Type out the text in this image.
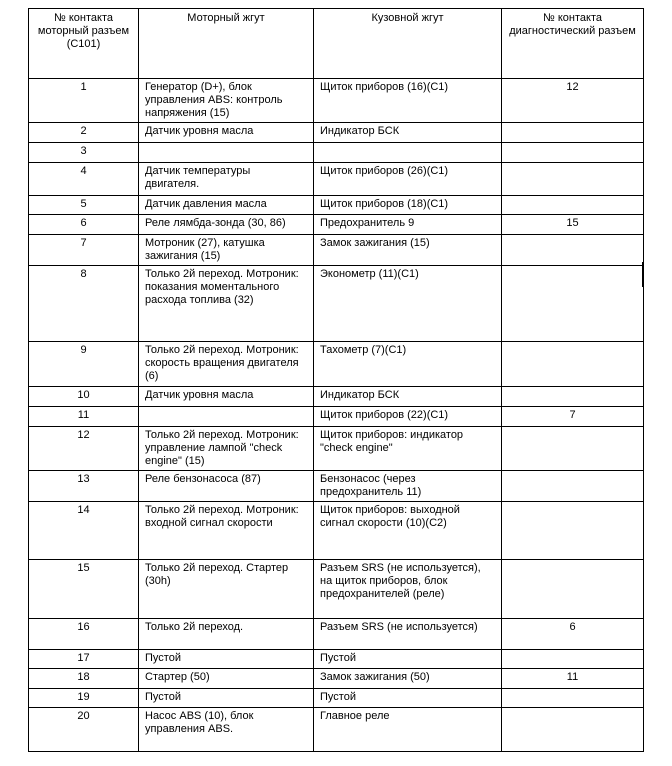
№ контакта моторный разъем (С101)	Моторный жгут	Кузовной жгут	№ контакта диагностический разъем
1	Генератор (D+), блок управления ABS: контроль напряжения (15)	Щиток приборов (16)(C1)	12
2	Датчик уровня масла	Индикатор БСК	
3			
4	Датчик температуры двигателя.	Щиток приборов (26)(C1)	
5	Датчик давления масла	Щиток приборов (18)(C1)	
6	Реле лямбда-зонда (30, 86)	Предохранитель 9	15
7	Мотроник (27), катушка зажигания (15)	Замок зажигания (15)	
8	Только 2й переход. Мотроник: показания моментального расхода топлива (32)	Эконометр (11)(C1)	
9	Только 2й переход. Мотроник: скорость вращения двигателя (6)	Тахометр (7)(C1)	
10	Датчик уровня масла	Индикатор БСК	
11		Щиток приборов (22)(C1)	7
12	Только 2й переход. Мотроник: управление лампой "check engine" (15)	Щиток приборов: индикатор "check engine"	
13	Реле бензонасоса (87)	Бензонасос (через предохранитель 11)	
14	Только 2й переход. Мотроник: входной сигнал скорости	Щиток приборов: выходной сигнал скорости (10)(C2)	
15	Только 2й переход. Стартер (30h)	Разъем SRS (не используется), на щиток приборов, блок предохранителей (реле)	
16	Только 2й переход.	Разъем SRS (не используется)	6
17	Пустой	Пустой	
18	Стартер (50)	Замок зажигания (50)	11
19	Пустой	Пустой	
20	Насос ABS (10), блок управления ABS.	Главное реле	
